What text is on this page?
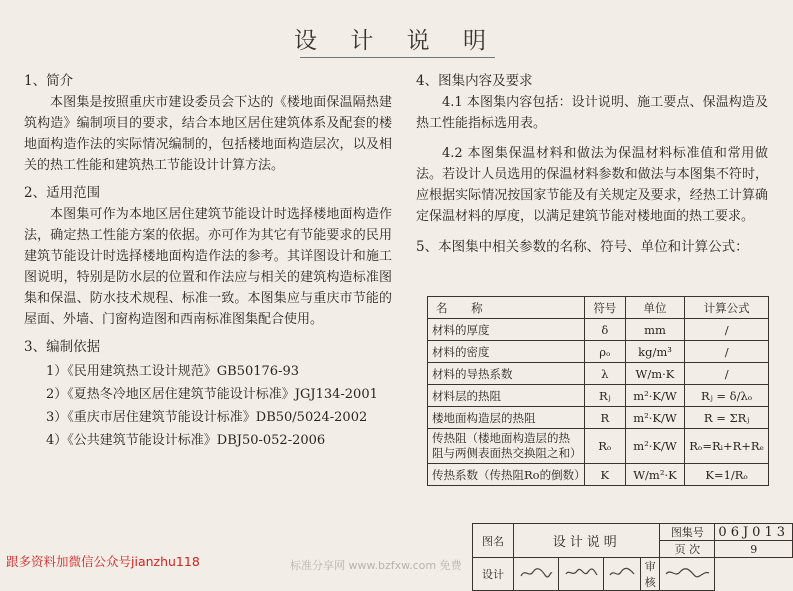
设 计 说 明

1、简介

本图集是按照重庆市建设委员会下达的《楼地面保温隔热建筑构造》编制项目的要求，结合本地区居住建筑体系及配套的楼地面构造作法的实际情况编制的，包括楼地面构造层次，以及相关的热工性能和建筑热工节能设计计算方法。

2、适用范围

本图集可作为本地区居住建筑节能设计时选择楼地面构造作法，确定热工性能方案的依据。亦可作为其它有节能要求的民用建筑节能设计时选择楼地面构造作法的参考。其详图设计和施工图说明，特别是防水层的位置和作法应与相关的建筑构造标准图集和保温、防水技术规程、标准一致。本图集应与重庆市节能的屋面、外墙、门窗构造图和西南标准图集配合使用。

3、编制依据

1）《民用建筑热工设计规范》GB50176-93
2）《夏热冬冷地区居住建筑节能设计标准》JGJ134-2001
3）《重庆市居住建筑节能设计标准》DB50/5024-2002
4）《公共建筑节能设计标准》DBJ50-052-2006

4、图集内容及要求

4.1 本图集内容包括：设计说明、施工要点、保温构造及热工性能指标选用表。

4.2 本图集保温材料和做法为保温材料标准值和常用做法。若设计人员选用的保温材料参数和做法与本图集不符时，应根据实际情况按国家节能及有关规定及要求，经热工计算确定保温材料的厚度，以满足建筑节能对楼地面的热工要求。

5、本图集中相关参数的名称、符号、单位和计算公式：

名 称	符号	单位	计算公式
材料的厚度	δ	mm	/
材料的密度	ρₒ	kg/m³	/
材料的导热系数	λ	W/m·K	/
材料层的热阻	Rⱼ	m²·K/W	Rⱼ = δ/λₒ
楼地面构造层的热阻	R	m²·K/W	R = ΣRⱼ
传热阻（楼地面构造层的热阻与两侧表面热交换阻之和）	Rₒ	m²·K/W	Rₒ=Rᵢ+R+Rₑ
传热系数（传热阻Ro的倒数）	K	W/m²·K	K=1/Rₒ
图名	设计说明				图集号	06J013
					页 次	9
设计				审 核	
跟多资料加微信公众号jianzhu118	标准分享网 www.bzfxw.com 免费
